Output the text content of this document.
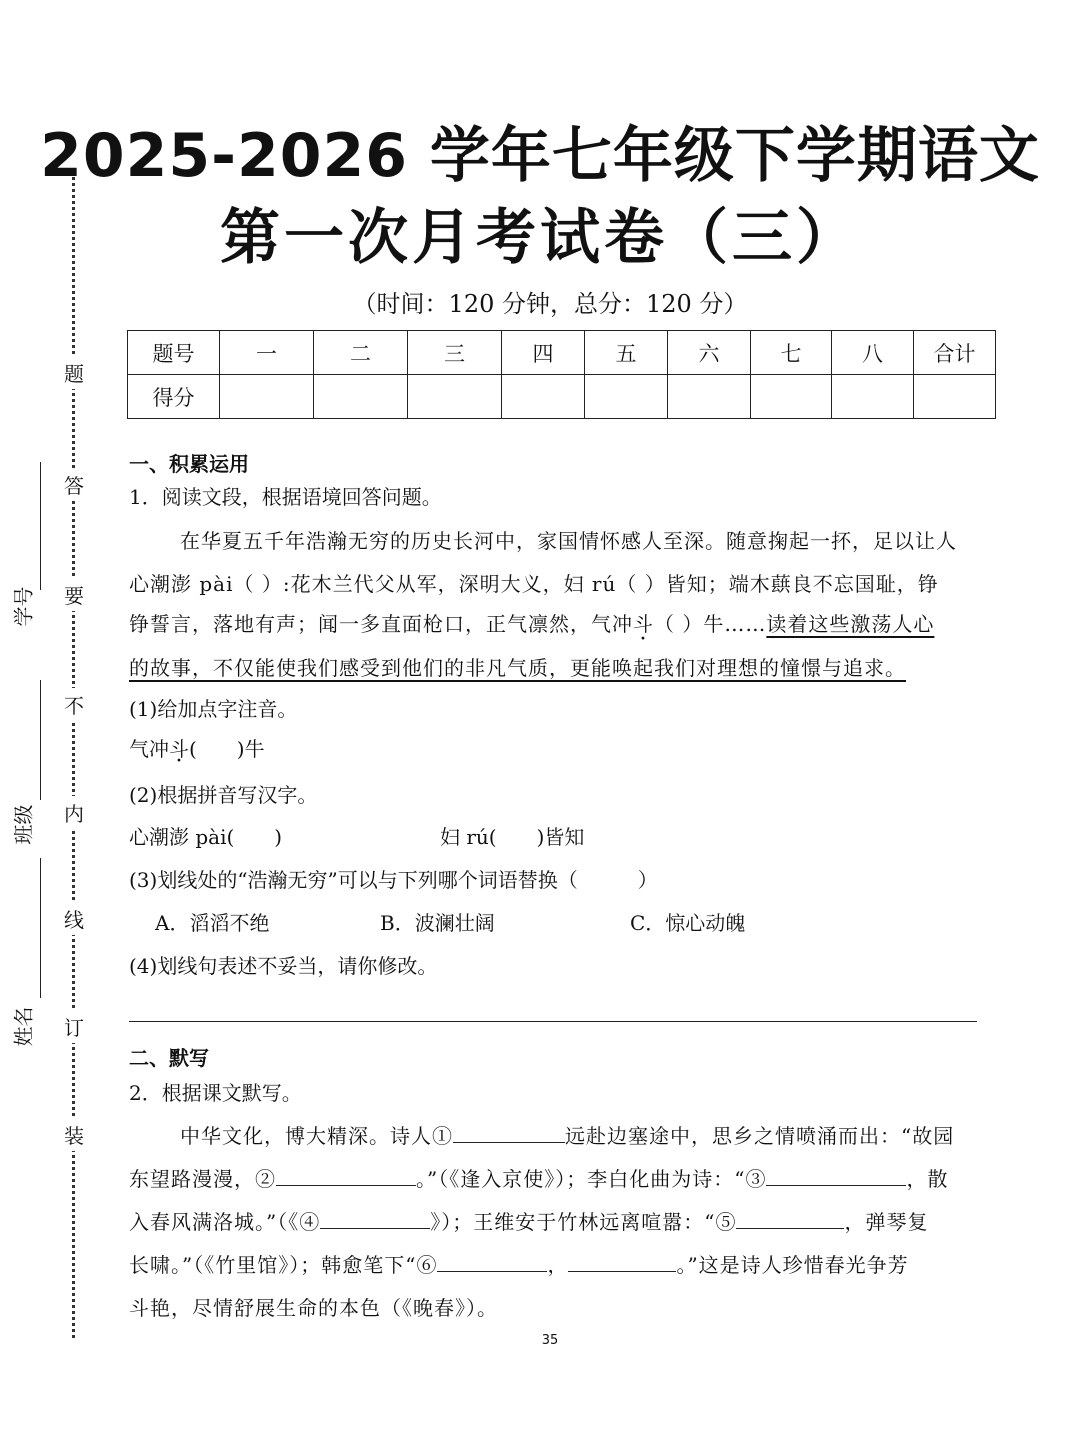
题
答
要
不
内
线
订
装
学号
班级
姓名
2025-2026 学年七年级下学期语文
第一次月考试卷（三）
（时间：120 分钟，总分：120 分）
题号	一	二	三	四	五	六	七	八	合计
得分									
一、积累运用
1．阅读文段，根据语境回答问题。
在华夏五千年浩瀚无穷的历史长河中，家国情怀感人至深。随意掬起一抔，足以让人
心潮澎 pài（ ）:花木兰代父从军，深明大义，妇 rú（ ）皆知；端木蕻良不忘国耻，铮
铮誓言，落地有声；闻一多直面枪口，正气凛然，气冲斗（ ）牛……读着这些激荡人心
的故事，不仅能使我们感受到他们的非凡气质，更能唤起我们对理想的憧憬与追求。
(1)给加点字注音。
气冲斗(　　)牛
(2)根据拼音写汉字。
心潮澎 pài(　　)	妇 rú(　　)皆知
(3)划线处的“浩瀚无穷”可以与下列哪个词语替换（　　　）
A．滔滔不绝	B．波澜壮阔	C．惊心动魄
(4)划线句表述不妥当，请你修改。
二、默写
2．根据课文默写。
中华文化，博大精深。诗人①	远赴边塞途中，思乡之情喷涌而出：“故园
东望路漫漫，②	。”（《逢入京使》）；李白化曲为诗：“③	，散
入春风满洛城。”（《④	》）；王维安于竹林远离喧嚣：“⑤	，弹琴复
长啸。”（《竹里馆》）；韩愈笔下“⑥	，	。”这是诗人珍惜春光争芳
斗艳，尽情舒展生命的本色（《晚春》）。
35
